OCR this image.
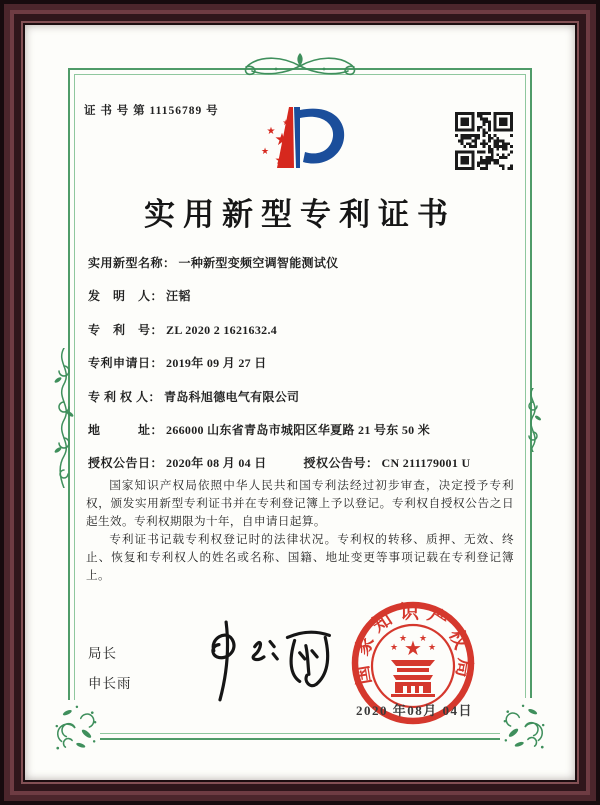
证 书 号 第 11156789 号
★
★
★
★
★
实用新型专利证书
实用新型名称： 一种新型变频空调智能测试仪
发　明　人： 汪韬
专　利　号： ZL 2020 2 1621632.4
专利申请日： 2019年 09 月 27 日
专 利 权 人： 青岛科旭德电气有限公司
地　　　址： 266000 山东省青岛市城阳区华夏路 21 号东 50 米
授权公告日： 2020年 08 月 04 日	授权公告号： CN 211179001 U

国家知识产权局依照中华人民共和国专利法经过初步审查，决定授予专利权，颁发实用新型专利证书并在专利登记簿上予以登记。专利权自授权公告之日起生效。专利权期限为十年，自申请日起算。

专利证书记载专利权登记时的法律状况。专利权的转移、质押、无效、终止、恢复和专利权人的姓名或名称、国籍、地址变更等事项记载在专利登记簿上。

局长
申长雨	国家知识产权局
★
★
★ ★
★
2020 年08月 04日
